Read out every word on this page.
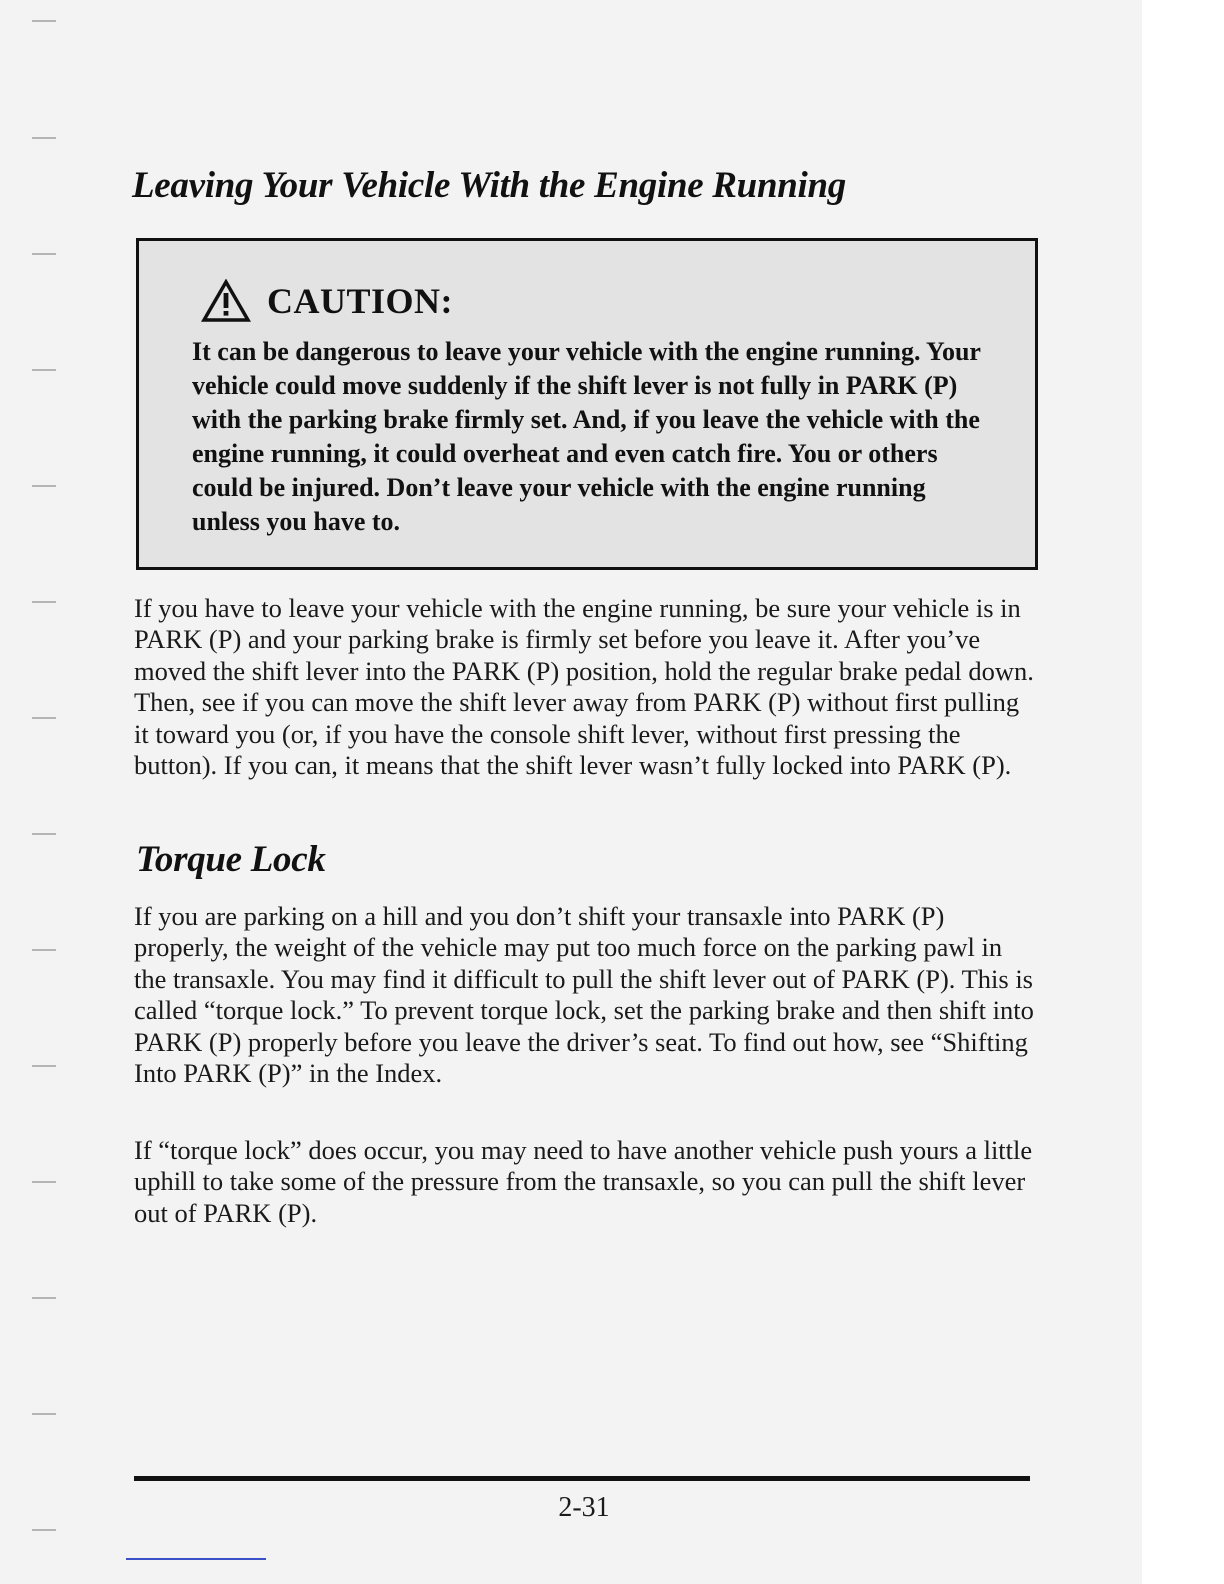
Leaving Your Vehicle With the Engine Running
CAUTION:

It can be dangerous to leave your vehicle with the engine running. Your vehicle could move suddenly if the shift lever is not fully in PARK (P) with the parking brake firmly set. And, if you leave the vehicle with the engine running, it could overheat and even catch fire. You or others could be injured. Don’t leave your vehicle with the engine running unless you have to.

If you have to leave your vehicle with the engine running, be sure your vehicle is in PARK (P) and your parking brake is firmly set before you leave it. After you’ve moved the shift lever into the PARK (P) position, hold the regular brake pedal down. Then, see if you can move the shift lever away from PARK (P) without first pulling it toward you (or, if you have the console shift lever, without first pressing the button). If you can, it means that the shift lever wasn’t fully locked into PARK (P).

Torque Lock

If you are parking on a hill and you don’t shift your transaxle into PARK (P) properly, the weight of the vehicle may put too much force on the parking pawl in the transaxle. You may find it difficult to pull the shift lever out of PARK (P). This is called “torque lock.” To prevent torque lock, set the parking brake and then shift into PARK (P) properly before you leave the driver’s seat. To find out how, see “Shifting Into PARK (P)” in the Index.

If “torque lock” does occur, you may need to have another vehicle push yours a little uphill to take some of the pressure from the transaxle, so you can pull the shift lever out of PARK (P).

2-31
